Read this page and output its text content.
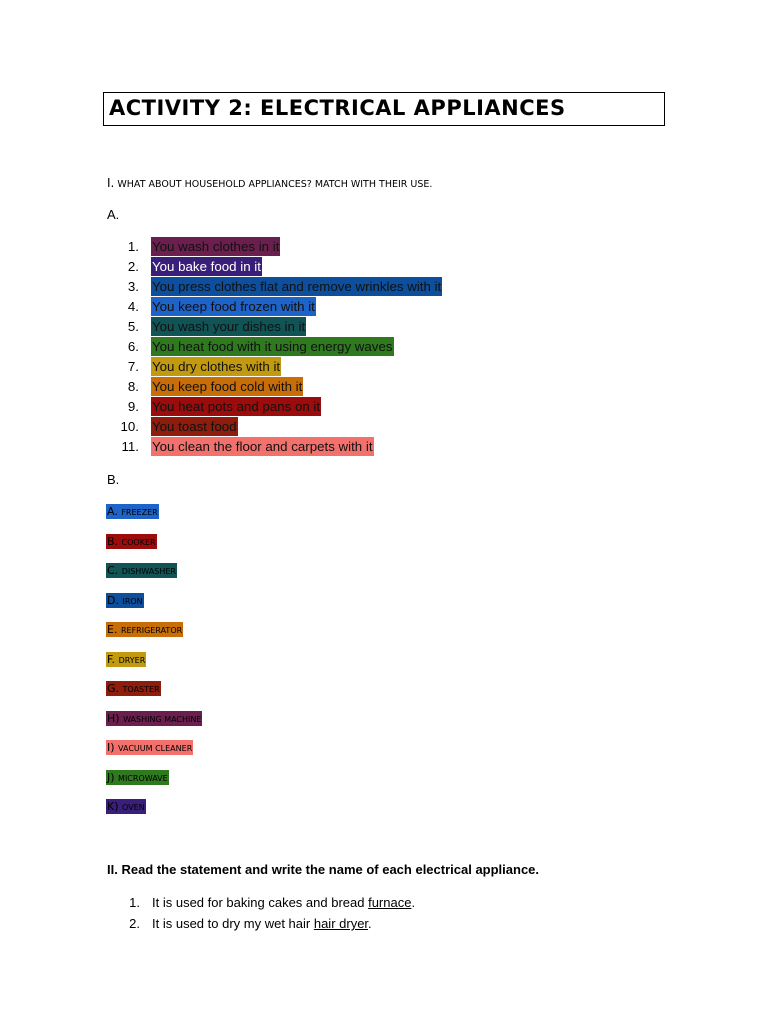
ACTIVITY 2: ELECTRICAL APPLIANCES
I. WHAT ABOUT HOUSEHOLD APPLIANCES? MATCH WITH THEIR USE.
A.
1. You wash clothes in it
2. You bake food in it
3. You press clothes flat and remove wrinkles with it
4. You keep food frozen with it
5. You wash your dishes in it
6. You heat food with it using energy waves
7. You dry clothes with it
8. You keep food cold with it
9. You heat pots and pans on it
10. You toast food
11. You clean the floor and carpets with it
B.
A. FREEZER
B. COOKER
C. DISHWASHER
D. IRON
E. REFRIGERATOR
F. DRYER
G. TOASTER
H) WASHING MACHINE
I) VACUUM CLEANER
J) MICROWAVE
K) OVEN
II. Read the statement and write the name of each electrical appliance.
1. It is used for baking cakes and bread furnace.
2. It is used to dry my wet hair hair dryer.
